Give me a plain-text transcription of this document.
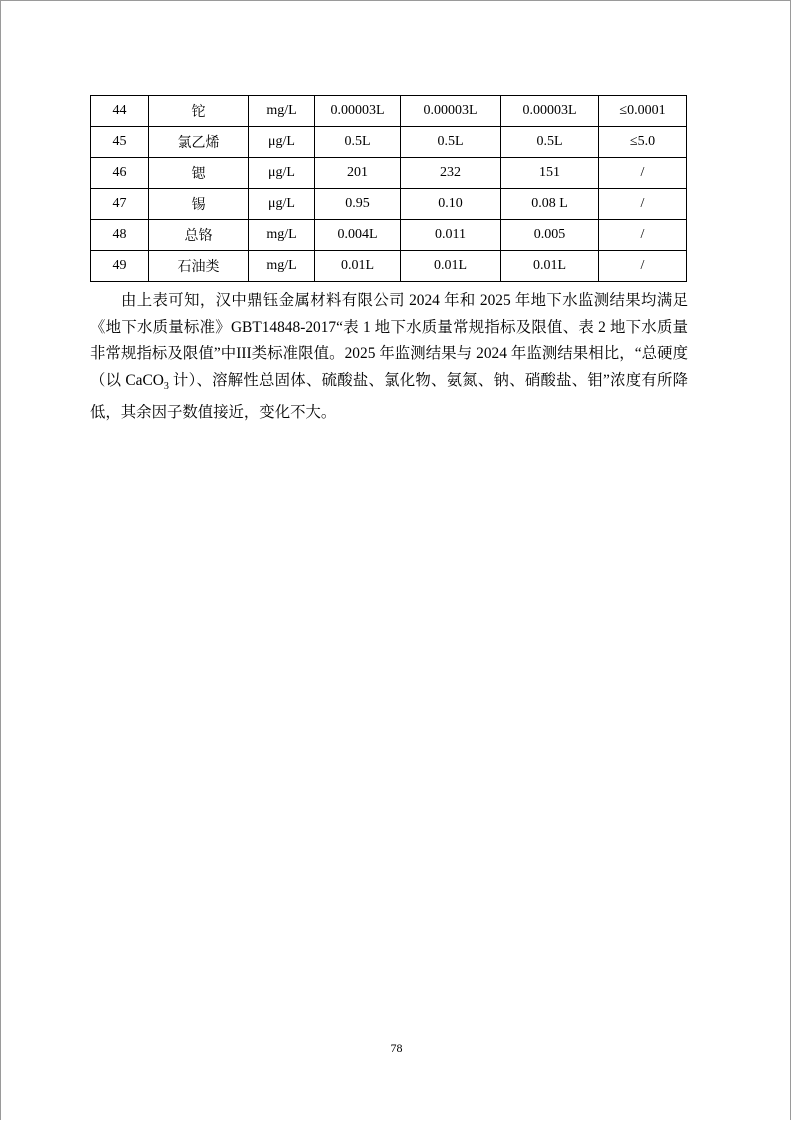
44	铊	mg/L	0.00003L	0.00003L	0.00003L	≤0.0001
45	氯乙烯	μg/L	0.5L	0.5L	0.5L	≤5.0
46	锶	μg/L	201	232	151	/
47	锡	μg/L	0.95	0.10	0.08 L	/
48	总铬	mg/L	0.004L	0.011	0.005	/
49	石油类	mg/L	0.01L	0.01L	0.01L	/

由上表可知，汉中鼎钰金属材料有限公司 2024 年和 2025 年地下水监测结果均满足《地下水质量标准》GBT14848-2017“表 1 地下水质量常规指标及限值、表 2 地下水质量非常规指标及限值”中III类标准限值。2025 年监测结果与 2024 年监测结果相比，“总硬度（以 CaCO$_3$ 计）、溶解性总固体、硫酸盐、氯化物、氨氮、钠、硝酸盐、钼”浓度有所降低，其余因子数值接近，变化不大。

78
